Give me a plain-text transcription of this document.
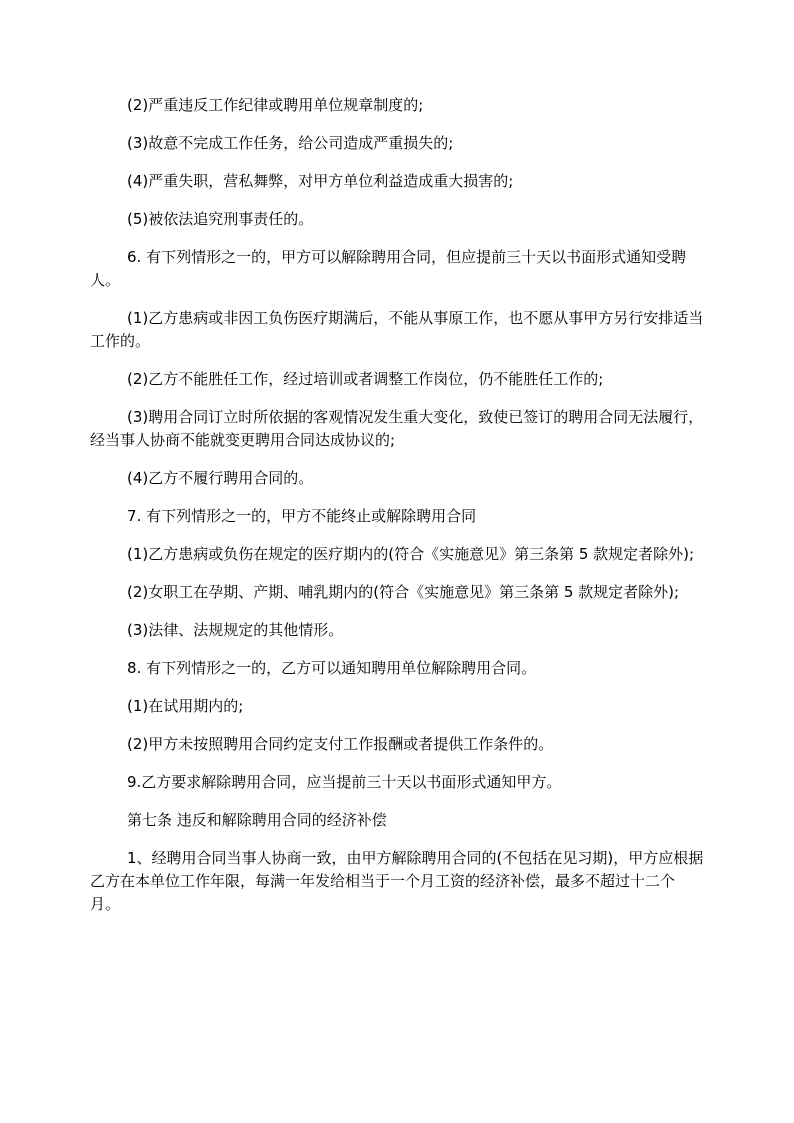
(2)严重违反工作纪律或聘用单位规章制度的;

(3)故意不完成工作任务，给公司造成严重损失的;

(4)严重失职，营私舞弊，对甲方单位利益造成重大损害的;

(5)被依法追究刑事责任的。

6. 有下列情形之一的，甲方可以解除聘用合同，但应提前三十天以书面形式通知受聘人。

(1)乙方患病或非因工负伤医疗期满后，不能从事原工作，也不愿从事甲方另行安排适当工作的。

(2)乙方不能胜任工作，经过培训或者调整工作岗位，仍不能胜任工作的;

(3)聘用合同订立时所依据的客观情况发生重大变化，致使已签订的聘用合同无法履行，经当事人协商不能就变更聘用合同达成协议的;

(4)乙方不履行聘用合同的。

7. 有下列情形之一的，甲方不能终止或解除聘用合同

(1)乙方患病或负伤在规定的医疗期内的(符合《实施意见》第三条第 5 款规定者除外);

(2)女职工在孕期、产期、哺乳期内的(符合《实施意见》第三条第 5 款规定者除外);

(3)法律、法规规定的其他情形。

8. 有下列情形之一的，乙方可以通知聘用单位解除聘用合同。

(1)在试用期内的;

(2)甲方未按照聘用合同约定支付工作报酬或者提供工作条件的。

9.乙方要求解除聘用合同，应当提前三十天以书面形式通知甲方。

第七条 违反和解除聘用合同的经济补偿

1、经聘用合同当事人协商一致，由甲方解除聘用合同的(不包括在见习期)，甲方应根据乙方在本单位工作年限，每满一年发给相当于一个月工资的经济补偿，最多不超过十二个月。
